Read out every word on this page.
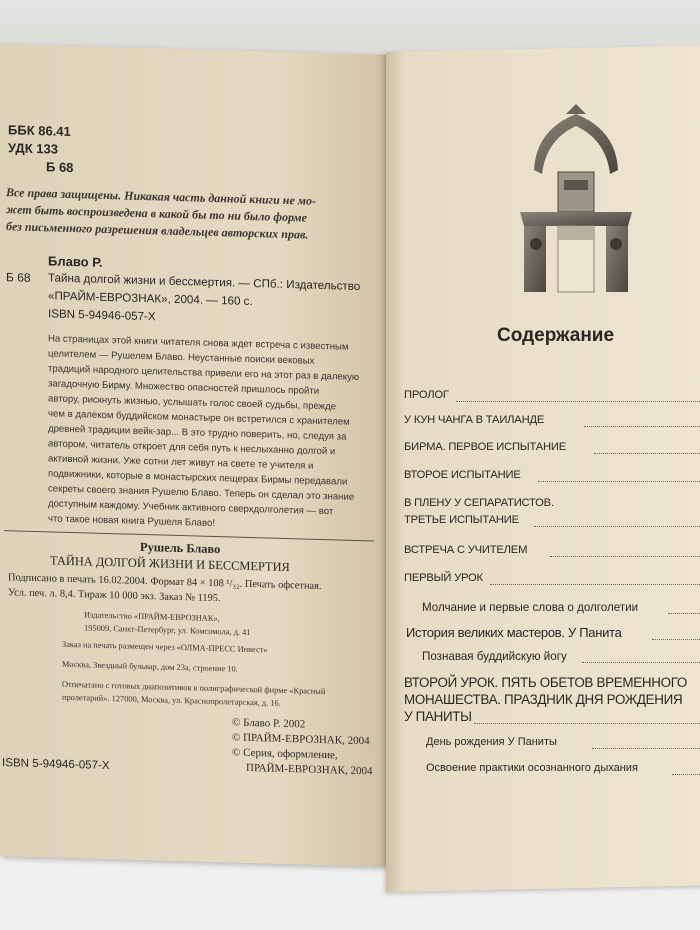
ББК 86.41
УДК 133
Б 68
Все права защищены. Никакая часть данной книги не мо-
жет быть воспроизведена в какой бы то ни было форме
без письменного разрешения владельцев авторских прав.
Блаво Р.
Б 68 Тайна долгой жизни и бессмертия. — СПб.: Издательство
«ПРАЙМ-ЕВРОЗНАК», 2004. — 160 с.
ISBN 5-94946-057-X
На страницах этой книги читателя снова ждет встреча с известным
целителем — Рушелем Блаво. Неустанные поиски вековых
традиций народного целительства привели его на этот раз в далекую
загадочную Бирму. Множество опасностей пришлось пройти
автору, рискнуть жизнью, услышать голос своей судьбы, прежде
чем в далеком буддийском монастыре он встретился с хранителем
древней традиции вейк-зар... В это трудно поверить, но, следуя за
автором, читатель откроет для себя путь к неслыханно долгой и
активной жизни. Уже сотни лет живут на свете те учителя и
подвижники, которые в монастырских пещерах Бирмы передавали
секреты своего знания Рушелю Блаво. Теперь он сделал это знание
доступным каждому. Учебник активного сверхдолголетия — вот
что такое новая книга Рушеля Блаво!
Рушель Блаво
ТАЙНА ДОЛГОЙ ЖИЗНИ И БЕССМЕРТИЯ
Подписано в печать 16.02.2004. Формат 84 × 108 ¹/₃₂. Печать офсетная.
Усл. печ. л. 8,4. Тираж 10 000 экз. Заказ № 1195.
Издательство «ПРАЙМ-ЕВРОЗНАК»,
195009, Санкт-Петербург, ул. Комсомола, д. 41
Заказ на печать размещен через «ОЛМА-ПРЕСС Инвест»
Москва, Звездный бульвар, дом 23а, строение 10.
Отпечатано с готовых диапозитивов в полиграфической фирме «Красный
пролетарий». 127000, Москва, ул. Краснопролетарская, д. 16.
© Блаво Р. 2002
© ПРАЙМ-ЕВРОЗНАК, 2004
© Серия, оформление,
ПРАЙМ-ЕВРОЗНАК, 2004
ISBN 5-94946-057-X
Содержание
ПРОЛОГ
У КУН ЧАНГА В ТАИЛАНДЕ
БИРМА. ПЕРВОЕ ИСПЫТАНИЕ
ВТОРОЕ ИСПЫТАНИЕ
В ПЛЕНУ У СЕПАРАТИСТОВ.
ТРЕТЬЕ ИСПЫТАНИЕ
ВСТРЕЧА С УЧИТЕЛЕМ
ПЕРВЫЙ УРОК
Молчание и первые слова о долголетии
История великих мастеров. У Панита
Познавая буддийскую йогу
ВТОРОЙ УРОК. ПЯТЬ ОБЕТОВ ВРЕМЕННОГО
МОНАШЕСТВА. ПРАЗДНИК ДНЯ РОЖДЕНИЯ
У ПАНИТЫ
День рождения У Паниты
Освоение практики осознанного дыхания
